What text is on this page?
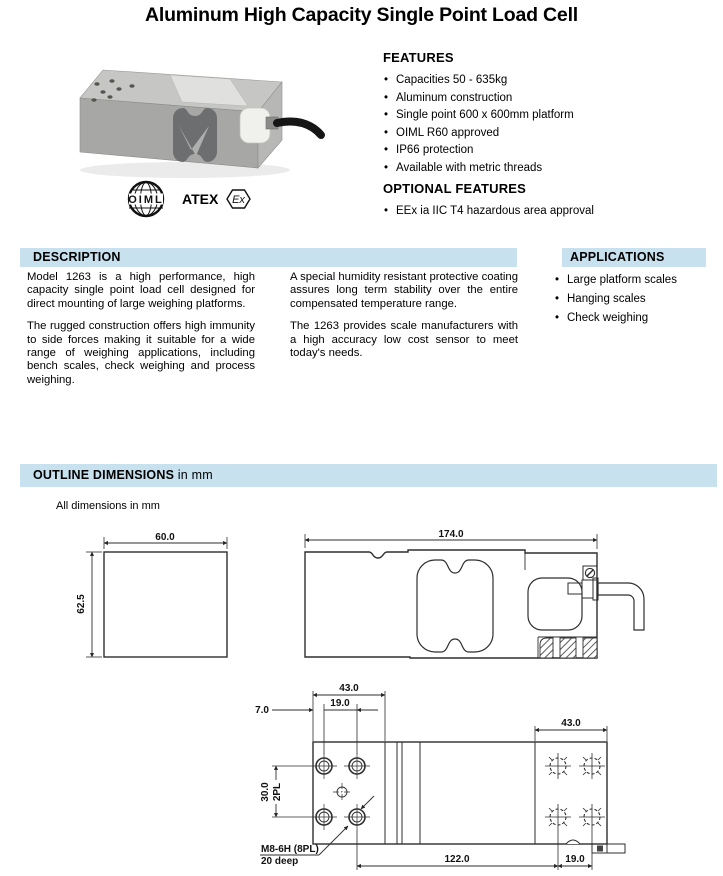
Aluminum High Capacity Single Point Load Cell
OIML ATEX Ex
FEATURES
• Capacities 50 - 635kg
• Aluminum construction
• Single point 600 x 600mm platform
• OIML R60 approved
• IP66 protection
• Available with metric threads
OPTIONAL FEATURES
• EEx ia IIC T4 hazardous area approval
DESCRIPTION	APPLICATIONS

Model 1263 is a high performance, high capacity single point load cell designed for direct mounting of large weighing platforms.

The rugged construction offers high immunity to side forces making it suitable for a wide range of weighing applications, including bench scales, check weighing and process weighing.

A special humidity resistant protective coating assures long term stability over the entire compensated temperature range.

The 1263 provides scale manufacturers with a high accuracy low cost sensor to meet today's needs.

• Large platform scales
• Hanging scales
• Check weighing
OUTLINE DIMENSIONS in mm
All dimensions in mm
60.0
62.5
174.0
43.0
7.0
19.0
43.0
30.0 2PL
M8-6H (8PL)
20 deep	122.0	19.0
